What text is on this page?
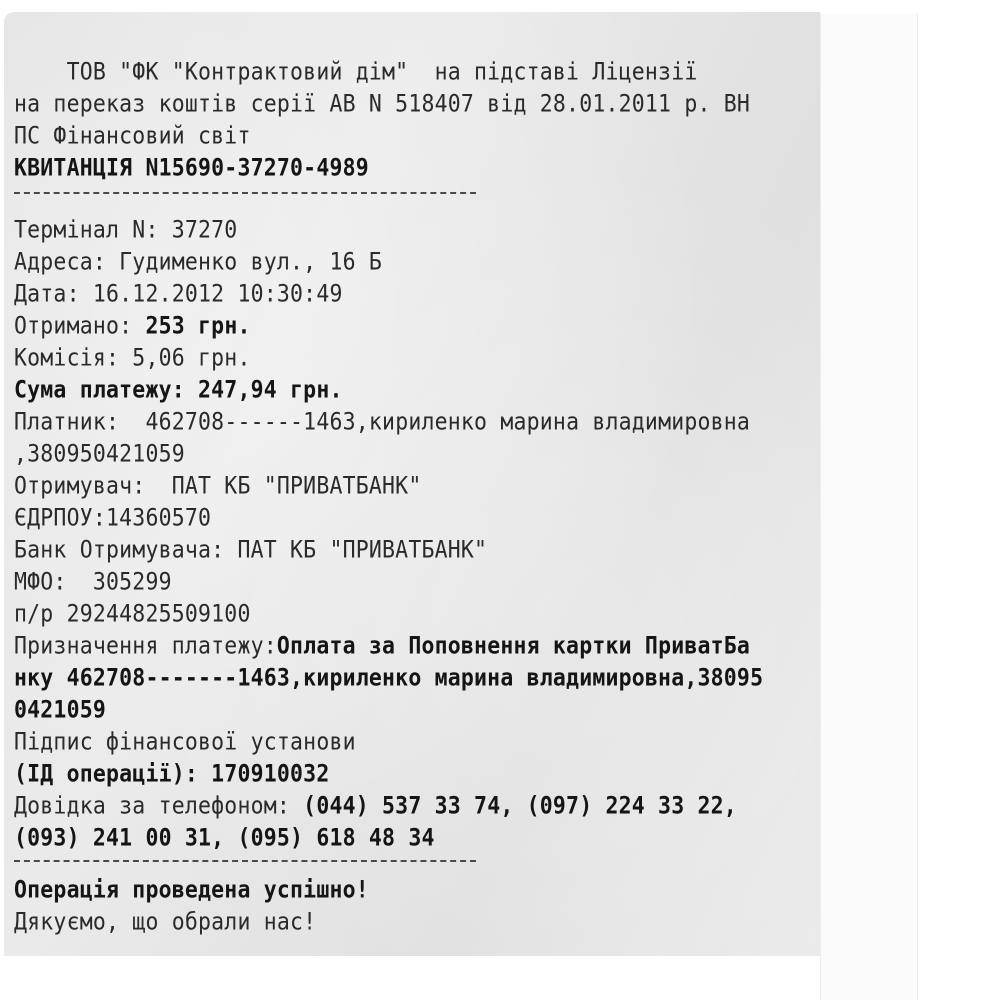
ТОВ "ФК "Контрактовий дім"  на підставі Ліцензії
на переказ коштів серії АВ N 518407 від 28.01.2011 р. ВН
ПС Фінансовий світ
КВИТАНЦІЯ N15690-37270-4989
Термінал N: 37270
Адреса: Гудименко вул., 16 Б
Дата: 16.12.2012 10:30:49
Отримано: 253 грн.
Комісія: 5,06 грн.
Сума платежу: 247,94 грн.
Платник:  462708------1463,кириленко марина владимировна
,380950421059
Отримувач:  ПАТ КБ "ПРИВАТБАНК"
ЄДРПОУ:14360570
Банк Отримувача: ПАТ КБ "ПРИВАТБАНК"
МФО:  305299
п/р 29244825509100
Призначення платежу:Оплата за Поповнення картки ПриватБа
нку 462708-------1463,кириленко марина владимировна,38095
0421059
Підпис фінансової установи
(ІД операції): 170910032
Довідка за телефоном: (044) 537 33 74, (097) 224 33 22,
(093) 241 00 31, (095) 618 48 34
Операція проведена успішно!
Дякуємо, що обрали нас!
